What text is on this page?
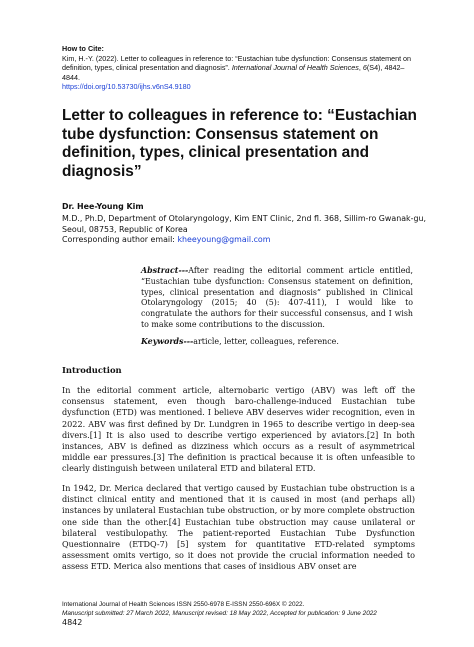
How to Cite:
Kim, H.-Y. (2022). Letter to colleagues in reference to: “Eustachian tube dysfunction: Consensus statement on definition, types, clinical presentation and diagnosis”. International Journal of Health Sciences, 6(S4), 4842–4844.
https://doi.org/10.53730/ijhs.v6nS4.9180
Letter to colleagues in reference to: “Eustachian tube dysfunction: Consensus statement on definition, types, clinical presentation and diagnosis”
Dr. Hee-Young Kim
M.D., Ph.D, Department of Otolaryngology, Kim ENT Clinic, 2nd fl. 368, Sillim-ro Gwanak-gu, Seoul, 08753, Republic of Korea
Corresponding author email: kheeyoung@gmail.com
Abstract---After reading the editorial comment article entitled, “Eustachian tube dysfunction: Consensus statement on definition, types, clinical presentation and diagnosis” published in Clinical Otolaryngology (2015; 40 (5): 407-411), I would like to congratulate the authors for their successful consensus, and I wish to make some contributions to the discussion.
Keywords---article, letter, colleagues, reference.
Introduction

In the editorial comment article, alternobaric vertigo (ABV) was left off the consensus statement, even though baro-challenge-induced Eustachian tube dysfunction (ETD) was mentioned. I believe ABV deserves wider recognition, even in 2022. ABV was first defined by Dr. Lundgren in 1965 to describe vertigo in deep-sea divers.[1] It is also used to describe vertigo experienced by aviators.[2] In both instances, ABV is defined as dizziness which occurs as a result of asymmetrical middle ear pressures.[3] The definition is practical because it is often unfeasible to clearly distinguish between unilateral ETD and bilateral ETD.

In 1942, Dr. Merica declared that vertigo caused by Eustachian tube obstruction is a distinct clinical entity and mentioned that it is caused in most (and perhaps all) instances by unilateral Eustachian tube obstruction, or by more complete obstruction one side than the other.[4] Eustachian tube obstruction may cause unilateral or bilateral vestibulopathy. The patient-reported Eustachian Tube Dysfunction Questionnaire (ETDQ-7) [5] system for quantitative ETD-related symptoms assessment omits vertigo, so it does not provide the crucial information needed to assess ETD. Merica also mentions that cases of insidious ABV onset are

International Journal of Health Sciences ISSN 2550-6978 E-ISSN 2550-696X © 2022.
Manuscript submitted: 27 March 2022, Manuscript revised: 18 May 2022, Accepted for publication: 9 June 2022
4842
